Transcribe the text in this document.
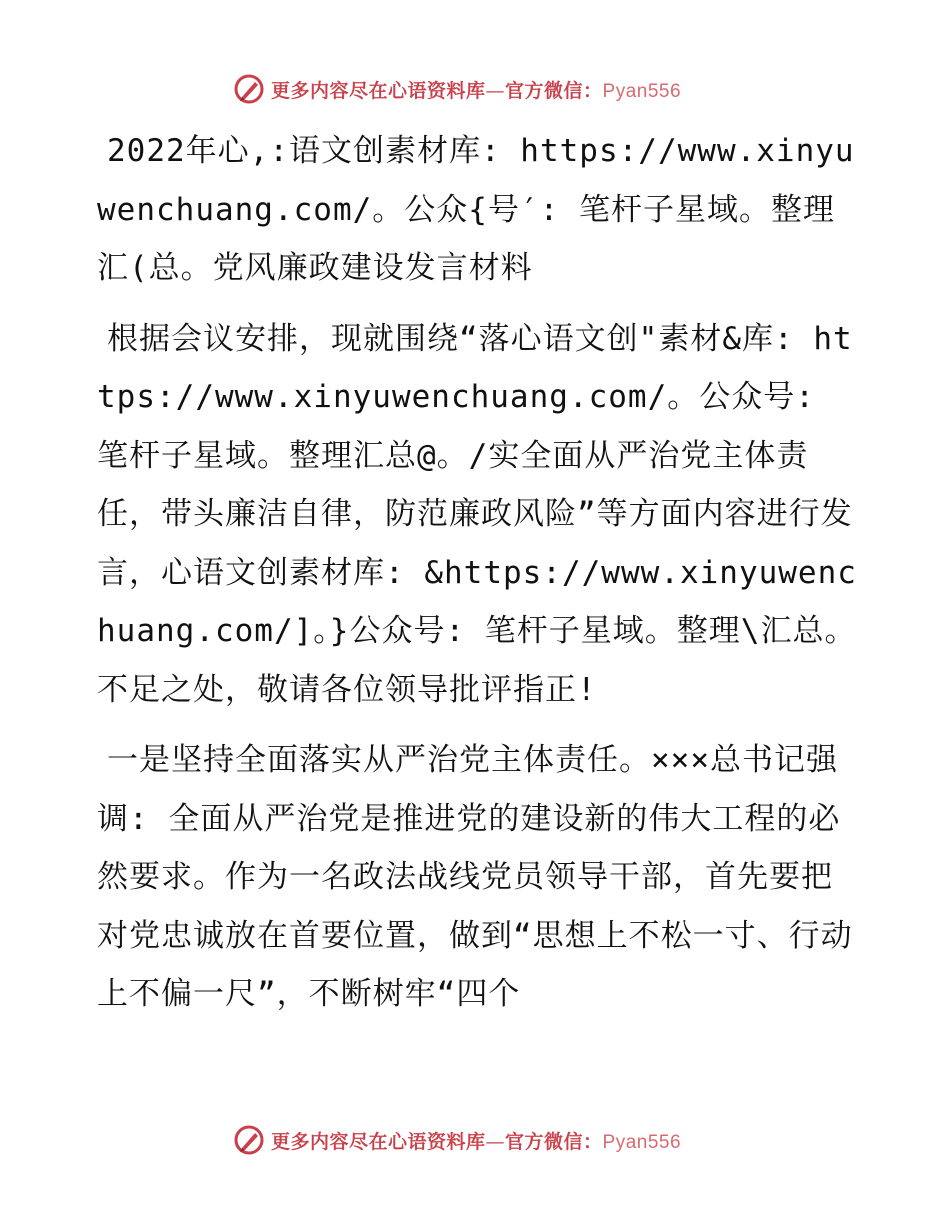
更多内容尽在心语资料库—官方微信：Pyan556

2022年心,:语文创素材库: https://www.xinyuwenchuang.com/。公众{号′: 笔杆子星域。整理汇(总。党风廉政建设发言材料

根据会议安排，现就围绕“落心语文创"素材&库: https://www.xinyuwenchuang.com/。公众号: 笔杆子星域。整理汇总@。/实全面从严治党主体责任，带头廉洁自律，防范廉政风险”等方面内容进行发言，心语文创素材库: &https://www.xinyuwenchuang.com/]。}公众号: 笔杆子星域。整理\汇总。不足之处，敬请各位领导批评指正!

一是坚持全面落实从严治党主体责任。×××总书记强调: 全面从严治党是推进党的建设新的伟大工程的必然要求。作为一名政法战线党员领导干部，首先要把对党忠诚放在首要位置，做到“思想上不松一寸、行动上不偏一尺”，不断树牢“四个

更多内容尽在心语资料库—官方微信：Pyan556
